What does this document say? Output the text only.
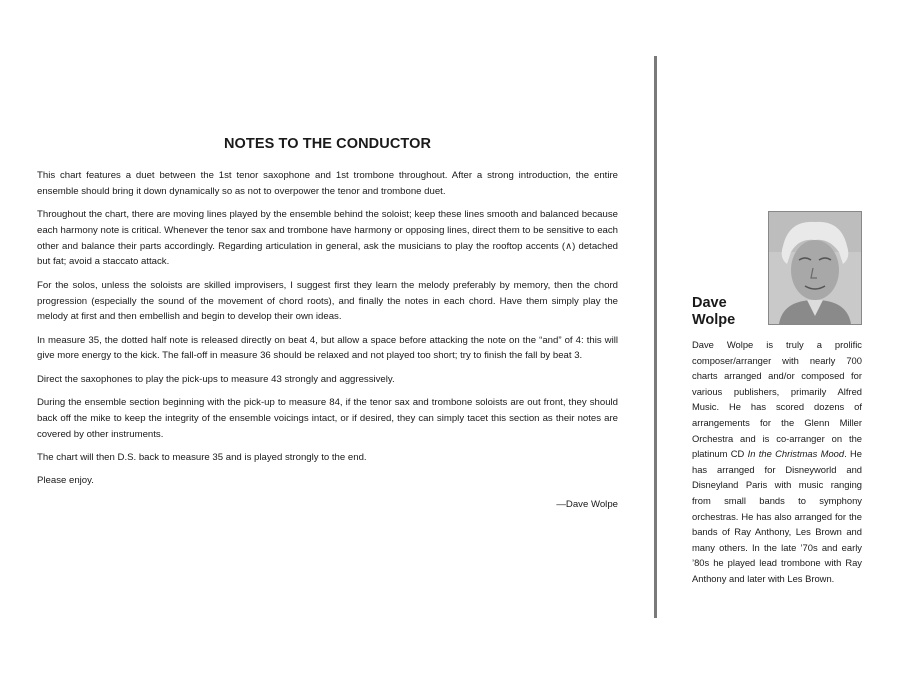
NOTES TO THE CONDUCTOR

This chart features a duet between the 1st tenor saxophone and 1st trombone throughout. After a strong introduction, the entire ensemble should bring it down dynamically so as not to overpower the tenor and trombone duet.

Throughout the chart, there are moving lines played by the ensemble behind the soloist; keep these lines smooth and balanced because each harmony note is critical. Whenever the tenor sax and trombone have harmony or opposing lines, direct them to be sensitive to each other and balance their parts accordingly. Regarding articulation in general, ask the musicians to play the rooftop accents (∧) detached but fat; avoid a staccato attack.

For the solos, unless the soloists are skilled improvisers, I suggest first they learn the melody preferably by memory, then the chord progression (especially the sound of the movement of chord roots), and finally the notes in each chord. Have them simply play the melody at first and then embellish and begin to develop their own ideas.

In measure 35, the dotted half note is released directly on beat 4, but allow a space before attacking the note on the “and” of 4: this will give more energy to the kick. The fall-off in measure 36 should be relaxed and not played too short; try to finish the fall by beat 3.

Direct the saxophones to play the pick-ups to measure 43 strongly and aggressively.

During the ensemble section beginning with the pick-up to measure 84, if the tenor sax and trombone soloists are out front, they should back off the mike to keep the integrity of the ensemble voicings intact, or if desired, they can simply tacet this section as their notes are covered by other instruments.

The chart will then D.S. back to measure 35 and is played strongly to the end.

Please enjoy.

—Dave Wolpe
Dave
Wolpe
Dave Wolpe is truly a prolific composer/arranger with nearly 700 charts arranged and/or composed for various publishers, primarily Alfred Music. He has scored dozens of arrangements for the Glenn Miller Orchestra and is co-arranger on the platinum CD In the Christmas Mood. He has arranged for Disneyworld and Disneyland Paris with music ranging from small bands to symphony orchestras. He has also arranged for the bands of Ray Anthony, Les Brown and many others. In the late ’70s and early ’80s he played lead trombone with Ray Anthony and later with Les Brown.
